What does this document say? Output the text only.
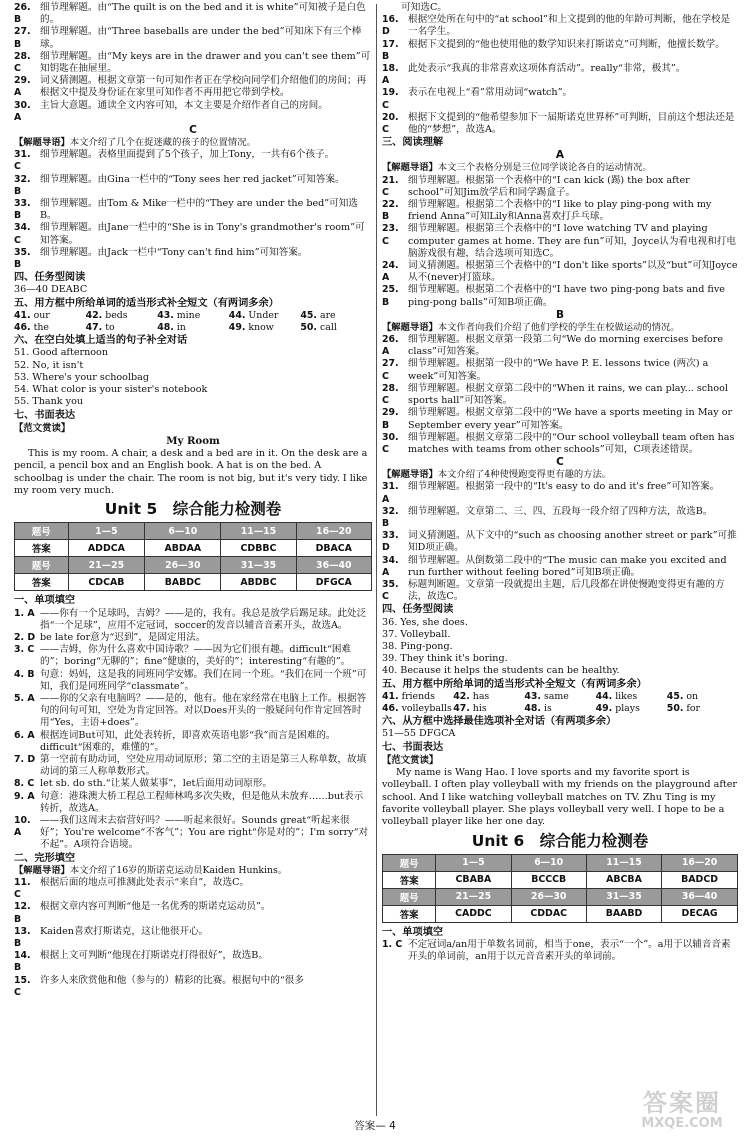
26. B
细节理解题。由“The quilt is on the bed and it is white”可知被子是白色的。
27. B
细节理解题。由“Three baseballs are under the bed”可知床下有三个棒球。
28. C
细节理解题。由“My keys are in the drawer and you can't see them”可知钥匙在抽屉里。
29. A
词义猜测题。根据文章第一句可知作者正在学校向同学们介绍他们的房间；再根据文中提及身份证在家里可知作者不再用把它带到学校。
30. A
主旨大意题。通读全文内容可知，本文主要是介绍作者自己的房间。
C
【解题导语】本文介绍了几个在捉迷藏的孩子的位置情况。
31. C
细节理解题。表格里面提到了5个孩子，加上Tony，一共有6个孩子。
32. B
细节理解题。由Gina一栏中的“Tony sees her red jacket”可知答案。
33. B
细节理解题。由Tom & Mike一栏中的“They are under the bed”可知选B。
34. C
细节理解题。由Jane一栏中的“She is in Tony's grandmother's room”可知答案。
35. B
细节理解题。由Jack一栏中“Tony can't find him”可知答案。
四、任务型阅读
36—40 DEABC
五、用方框中所给单词的适当形式补全短文（有两词多余）
41. our	42. beds	43. mine	44. Under	45. are
46. the	47. to	48. in	49. know	50. call
六、在空白处填上适当的句子补全对话
51. Good afternoon
52. No, it isn't
53. Where's your schoolbag
54. What color is your sister's notebook
55. Thank you
七、书面表达
【范文赏读】
My Room
This is my room. A chair, a desk and a bed are in it. On the desk are a pencil, a pencil box and an English book. A hat is on the bed. A schoolbag is under the chair. The room is not big, but it's very tidy. I like my room very much.
Unit 5　综合能力检测卷
题号	1—5	6—10	11—15	16—20
答案	ADDCA	ABDAA	CDBBC	DBACA
题号	21—25	26—30	31—35	36—40
答案	CDCAB	BABDC	ABDBC	DFGCA
一、单项填空
1. A ——你有一个足球吗，吉姆？——是的，我有。我总是放学后踢足球。此处泛指“一个足球”，应用不定冠词，soccer的发音以辅音音素开头，故选A。
2. D be late for意为“迟到”，是固定用法。
3. C ——吉姆，你为什么喜欢中国诗歌？——因为它们很有趣。difficult“困难的”；boring“无聊的”；fine“健康的，美好的”；interesting“有趣的”。
4. B 句意：妈妈，这是我的同班同学安娜。我们在同一个班。“我们在同一个班”可知，我们是同班同学“classmate”。
5. A ——你的父亲有电脑吗？——是的，他有。他在家经常在电脑上工作。根据答句的问句可知，空处为肯定回答。对以Does开头的一般疑问句作肯定回答时用“Yes，主语+does”。
6. A 根据连词But可知，此处表转折，即喜欢英语电影“我”而言是困难的。difficult“困难的，难懂的”。
7. D 第一空前有助动词，空处应用动词原形；第二空的主语是第三人称单数，故填动词的第三人称单数形式。
8. C let sb. do sth.“让某人做某事”，let后面用动词原形。
9. A 句意：港珠澳大桥工程总工程师林鸣多次失败，但是他从未放弃……but表示转折，故选A。
10. A
——我们这周末去宿营好吗？——听起来很好。Sounds great“听起来很好”；You're welcome“不客气”；You are right“你是对的”；I'm sorry“对不起”。A项符合语境。
二、完形填空
【解题导语】本文介绍了16岁的斯诺克运动员Kaiden Hunkins。
11. C
根据后面的地点可推测此处表示“来自”，故选C。
12. B
根据文章内容可判断“他是一名优秀的斯诺克运动员”。
13. B
Kaiden喜欢打斯诺克，这让他很开心。
14. B
根据上文可判断“他现在打斯诺克打得很好”，故选B。
15. C
许多人来欣赏他和他（参与的）精彩的比赛。根据句中的“很多
　　可知选C。
16. D
根据空处所在句中的“at school”和上文提到的他的年龄可判断，他在学校是一名学生。
17. B
根据下文提到的“他也使用他的数学知识来打斯诺克”可判断，他擅长数学。
18. A
此处表示“我真的非常喜欢这项体育活动”。really“非常，极其”。
19. C
表示在电视上“看”常用动词“watch”。
20. C
根据下文提到的“他希望参加下一届斯诺克世界杯”可判断，目前这个想法还是他的“梦想”，故选A。
三、阅读理解
A
【解题导语】本文三个表格分别是三位同学谈论各自的运动情况。
21. C
细节理解题。根据第一个表格中的“I can kick (踢) the box after school”可知Jim放学后和同学踢盒子。
22. B
细节理解题。根据第二个表格中的“I like to play ping-pong with my friend Anna”可知Lily和Anna喜欢打乒乓球。
23. C
细节理解题。根据第三个表格中的“I love watching TV and playing computer games at home. They are fun”可知，Joyce认为看电视和打电脑游戏很有趣，结合选项可知选C。
24. A
词义猜测题。根据第三个表格中的“I don't like sports”以及“but”可知Joyce从不(never)打篮球。
25. B
细节理解题。根据第二个表格中的“I have two ping-pong bats and five ping-pong balls”可知B项正确。
B
【解题导语】本文作者向我们介绍了他们学校的学生在校做运动的情况。
26. A
细节理解题。根据文章第一段第二句“We do morning exercises before class”可知答案。
27. C
细节理解题。根据第一段中的“We have P. E. lessons twice (两次) a week”可知答案。
28. C
细节理解题。根据文章第二段中的“When it rains, we can play... school sports hall”可知答案。
29. B
细节理解题。根据文章第二段中的“We have a sports meeting in May or September every year”可知答案。
30. C
细节理解题。根据文章第二段中的“Our school volleyball team often has matches with teams from other schools”可知，C项表述错误。
C
【解题导语】本文介绍了4种使慢跑变得更有趣的方法。
31. A
细节理解题。根据第一段中的“It's easy to do and it's free”可知答案。
32. B
细节理解题。文章第二、三、四、五段每一段介绍了四种方法，故选B。
33. D
词义猜测题。从下文中的“such as choosing another street or park”可推知D项正确。
34. A
细节理解题。从倒数第二段中的“The music can make you excited and run further without feeling bored”可知B项正确。
35. C
标题判断题。文章第一段就提出主题，后几段都在讲使慢跑变得更有趣的方法，故选C。
四、任务型阅读
36. Yes, she does.
37. Volleyball.
38. Ping-pong.
39. They think it's boring.
40. Because it helps the students can be healthy.
五、用方框中所给单词的适当形式补全短文（有两词多余）
41. friends	42. has	43. same	44. likes	45. on
46. volleyballs 47. his	48. is	49. plays	50. for
六、从方框中选择最佳选项补全对话（有两项多余）
51—55 DFGCA
七、书面表达
【范文赏读】
My name is Wang Hao. I love sports and my favorite sport is volleyball. I often play volleyball with my friends on the playground after school. And I like watching volleyball matches on TV. Zhu Ting is my favorite volleyball player. She plays volleyball very well. I hope to be a volleyball player like her one day.
Unit 6　综合能力检测卷
题号	1—5	6—10	11—15	16—20
答案	CBABA	BCCCB	ABCBA	BADCD
题号	21—25	26—30	31—35	36—40
答案	CADDC	CDDAC	BAABD	DECAG
一、单项填空
1. C 不定冠词a/an用于单数名词前，相当于one，表示“一个”。a用于以辅音音素开头的单词前，an用于以元音音素开头的单词前。
答案— 4
答案圈
MXQE.COM
